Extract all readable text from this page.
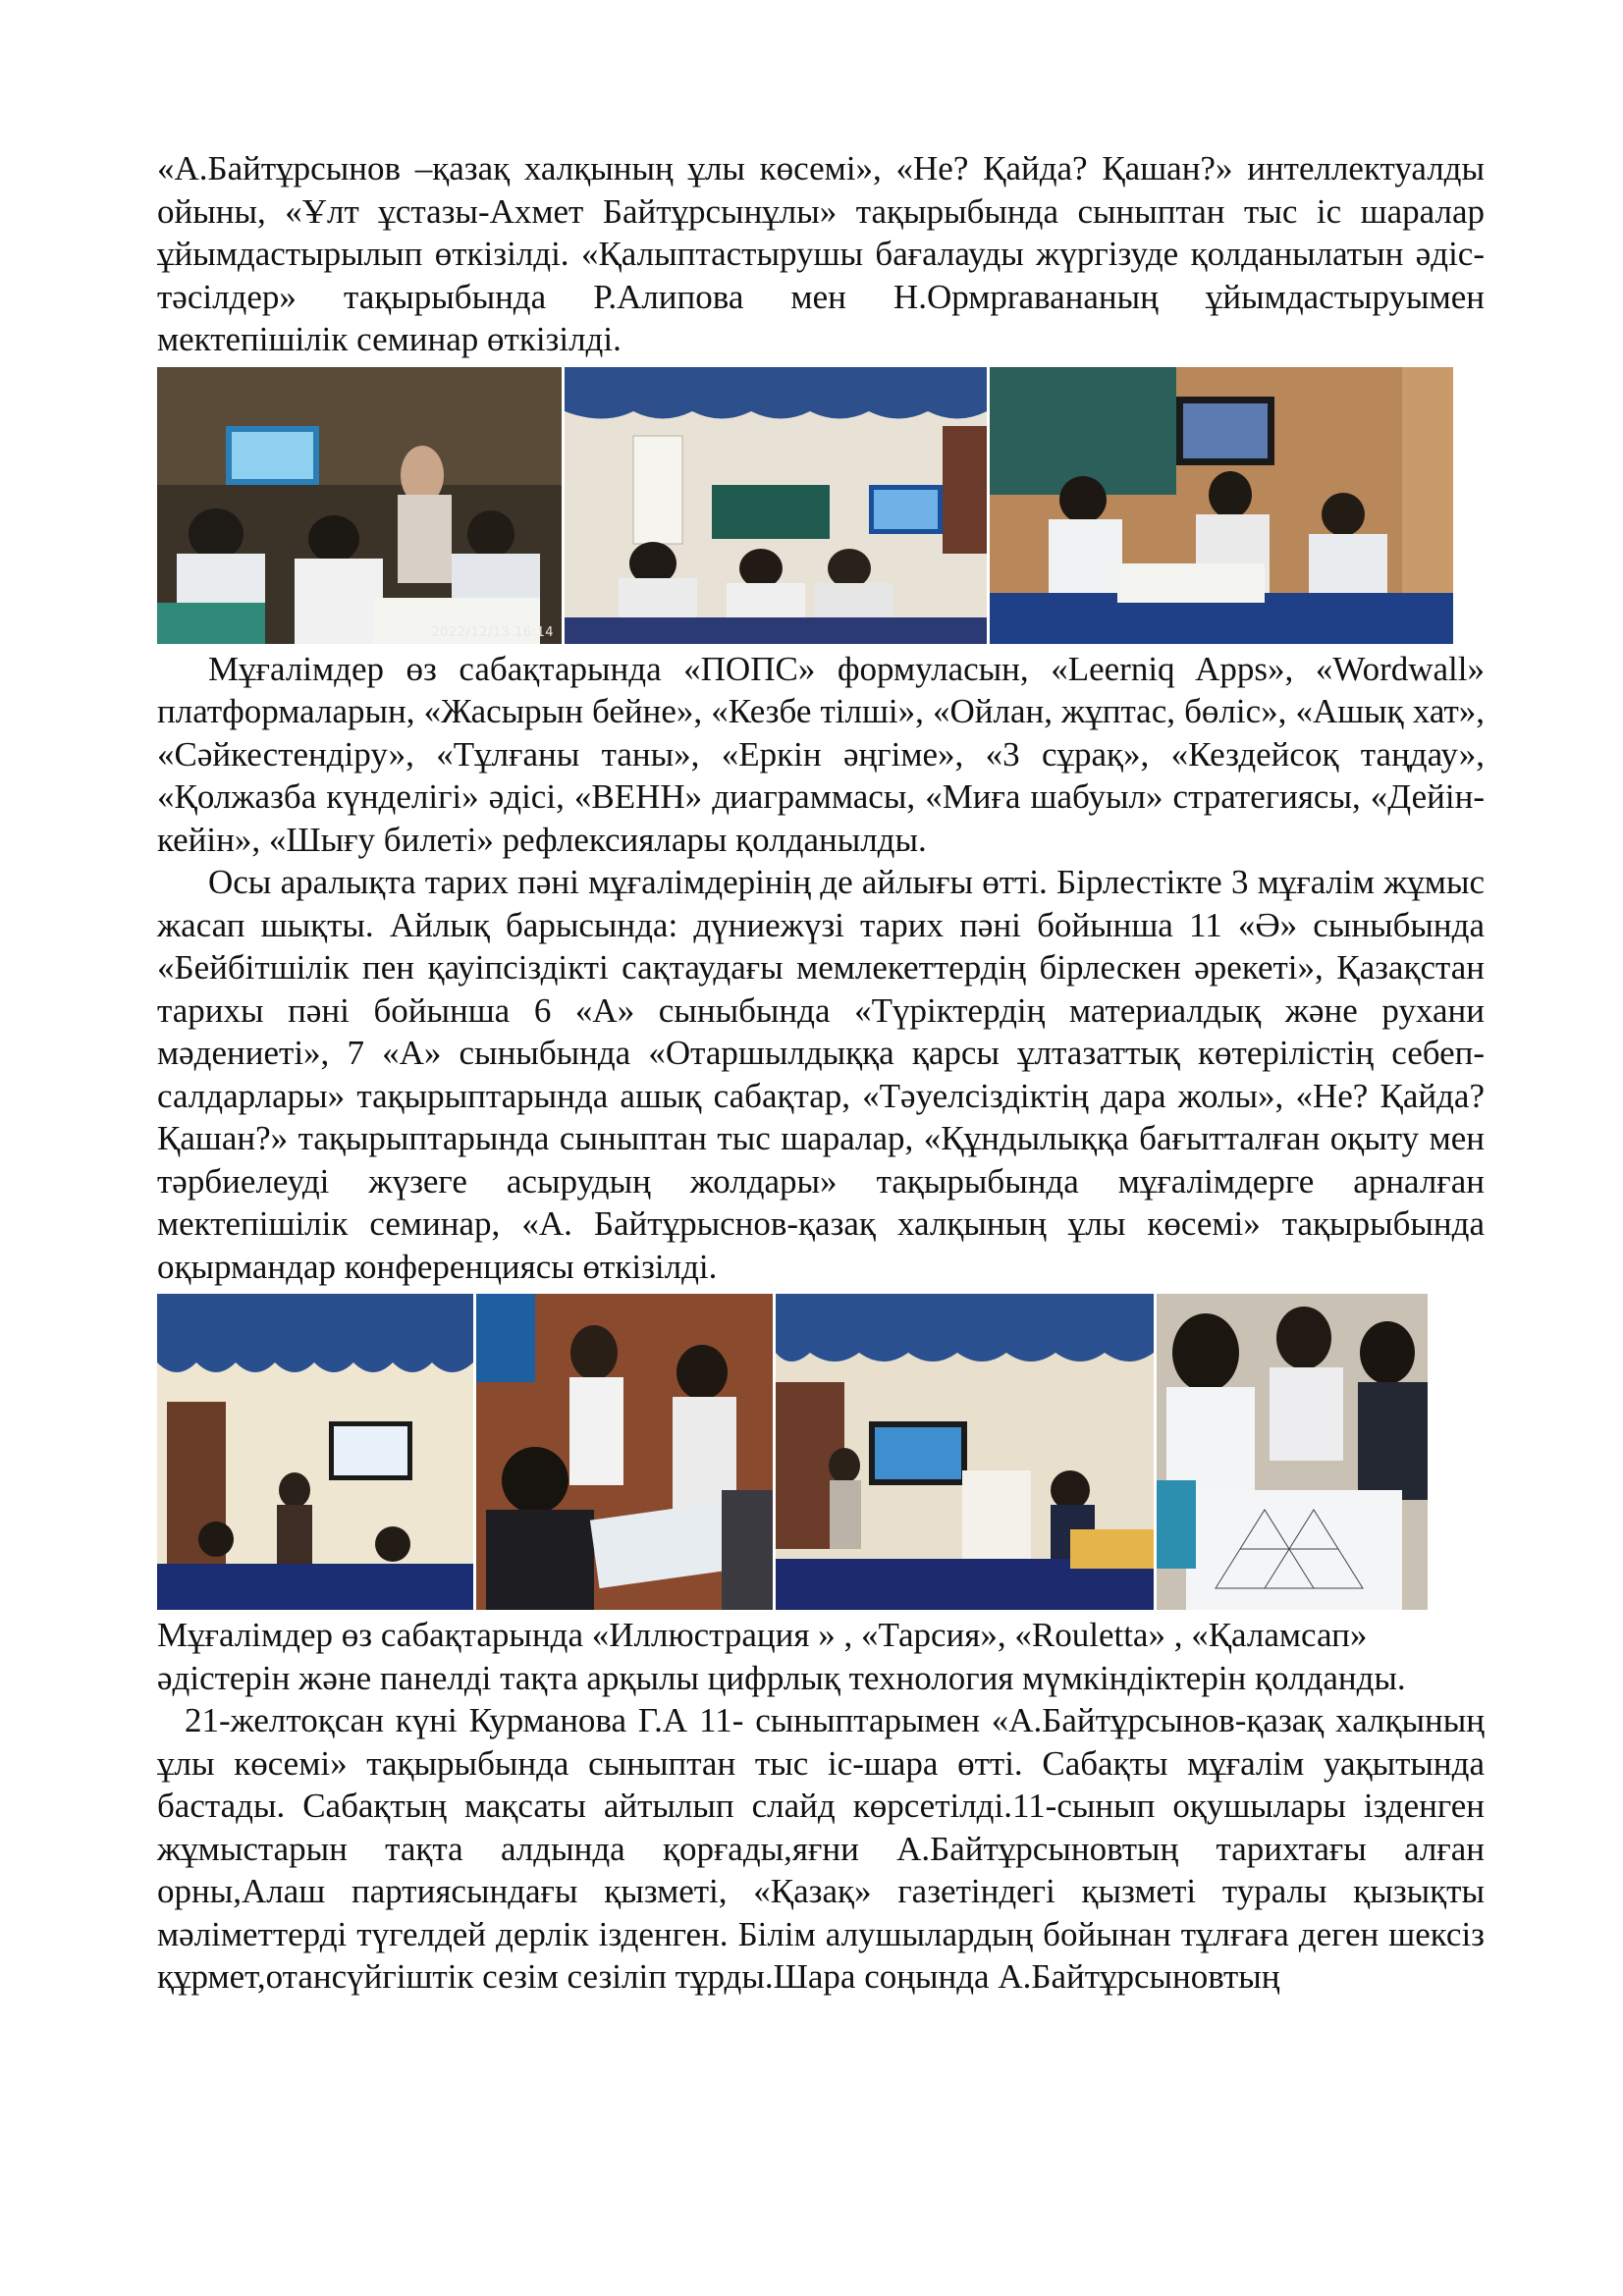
«А.Байтұрсынов –қазақ халқының ұлы көсемі», «Не? Қайда? Қашан?» интеллектуалды ойыны, «Ұлт ұстазы-Ахмет Байтұрсынұлы» тақырыбында сыныптан тыс іс шаралар ұйымдастырылып өткізілді. «Қалыптастырушы бағалауды жүргізуде қолданылатын әдіс-тәсілдер» тақырыбында Р.Алипова мен Н.Ормpraвананың ұйымдастыруымен мектепішілік семинар өткізілді.

2022/12/13 16:14

Мұғалімдер өз сабақтарында «ПОПС» формуласын, «Leerniq Apps», «Wordwall» платформаларын, «Жасырын бейне», «Кезбе тілші», «Ойлан, жұптас, бөліс», «Ашық хат», «Сәйкестендіру», «Тұлғаны таны», «Еркін әңгіме», «3 сұрақ», «Кездейсоқ таңдау», «Қолжазба күнделігі» әдісі, «ВЕНН» диаграммасы, «Миға шабуыл» стратегиясы, «Дейін-кейін», «Шығу билеті» рефлексиялары қолданылды.

Осы аралықта тарих пәні мұғалімдерінің де айлығы өтті. Бірлестікте 3 мұғалім жұмыс жасап шықты. Айлық барысында: дүниежүзі тарих пәні бойынша 11 «Ә» сыныбында «Бейбітшілік пен қауіпсіздікті сақтаудағы мемлекеттердің бірлескен әрекеті», Қазақстан тарихы пәні бойынша 6 «А» сыныбында «Түріктердің материалдық және рухани мәдениеті», 7 «А» сыныбында «Отаршылдыққа қарсы ұлтазаттық көтерілістің себеп-салдарлары» тақырыптарында ашық сабақтар, «Тәуелсіздіктің дара жолы», «Не? Қайда? Қашан?» тақырыптарында сыныптан тыс шаралар, «Құндылыққа бағытталған оқыту мен тәрбиелеуді жүзеге асырудың жолдары» тақырыбында мұғалімдерге арналған мектепішілік семинар, «А. Байтұрыснов-қазақ халқының ұлы көсемі» тақырыбында оқырмандар конференциясы өткізілді.

Мұғалімдер өз сабақтарында «Иллюстрация » , «Тарсия», «Roulettа» , «Қаламсап» әдістерін және панелді тақта арқылы цифрлық технология мүмкіндіктерін қолданды.

21-желтоқсан күні Курманова Г.А 11- сыныптарымен «А.Байтұрсынов-қазақ халқының ұлы көсемі» тақырыбында сыныптан тыс іс-шара өтті. Сабақты мұғалім уақытында бастады. Сабақтың мақсаты айтылып слайд көрсетілді.11-сынып оқушылары ізденген жұмыстарын тақта алдында қорғады,яғни А.Байтұрсыновтың тарихтағы алған орны,Алаш партиясындағы қызметі, «Қазақ» газетіндегі қызметі туралы қызықты мәліметтерді түгелдей дерлік ізденген. Білім алушылардың бойынан тұлғаға деген шексіз құрмет,отансүйгіштік сезім сезіліп тұрды.Шара соңында А.Байтұрсыновтың
